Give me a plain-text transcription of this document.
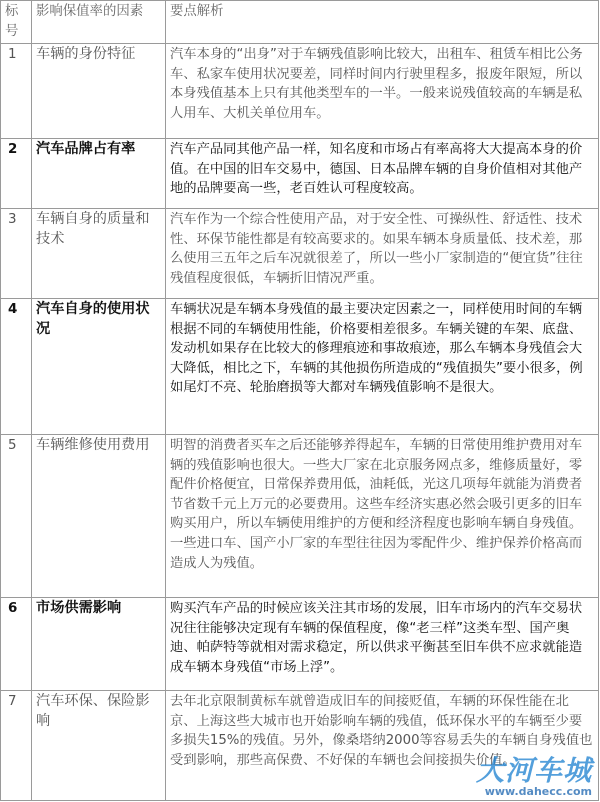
标号	影响保值率的因素	要点解析
1	车辆的身份特征	汽车本身的“出身”对于车辆残值影响比较大，出租车、租赁车相比公务车、私家车使用状况要差，同样时间内行驶里程多，报废年限短，所以本身残值基本上只有其他类型车的一半。一般来说残值较高的车辆是私人用车、大机关单位用车。
2	汽车品牌占有率	汽车产品同其他产品一样，知名度和市场占有率高将大大提高本身的价值。在中国的旧车交易中，德国、日本品牌车辆的自身价值相对其他产地的品牌要高一些，老百姓认可程度较高。
3	车辆自身的质量和技术	汽车作为一个综合性使用产品，对于安全性、可操纵性、舒适性、技术性、环保节能性都是有较高要求的。如果车辆本身质量低、技术差，那么使用三五年之后车况就很差了，所以一些小厂家制造的“便宜货”往往残值程度很低，车辆折旧情况严重。
4	汽车自身的使用状况	车辆状况是车辆本身残值的最主要决定因素之一，同样使用时间的车辆根据不同的车辆使用性能，价格要相差很多。车辆关键的车架、底盘、发动机如果存在比较大的修理痕迹和事故痕迹，那么车辆本身残值会大大降低，相比之下，车辆的其他损伤所造成的“残值损失”要小很多，例如尾灯不亮、轮胎磨损等大都对车辆残值影响不是很大。
5	车辆维修使用费用	明智的消费者买车之后还能够养得起车，车辆的日常使用维护费用对车辆的残值影响也很大。一些大厂家在北京服务网点多，维修质量好，零配件价格便宜，日常保养费用低，油耗低，光这几项每年就能为消费者节省数千元上万元的必要费用。这些车经济实惠必然会吸引更多的旧车购买用户，所以车辆使用维护的方便和经济程度也影响车辆自身残值。一些进口车、国产小厂家的车型往往因为零配件少、维护保养价格高而造成人为残值。
6	市场供需影响	购买汽车产品的时候应该关注其市场的发展，旧车市场内的汽车交易状况往往能够决定现有车辆的保值程度，像“老三样”这类车型、国产奥迪、帕萨特等就相对需求稳定，所以供求平衡甚至旧车供不应求就能造成车辆本身残值“市场上浮”。
7	汽车环保、保险影响	去年北京限制黄标车就曾造成旧车的间接贬值，车辆的环保性能在北京、上海这些大城市也开始影响车辆的残值，低环保水平的车辆至少要多损失15%的残值。另外，像桑塔纳2000等容易丢失的车辆自身残值也受到影响，那些高保费、不好保的车辆也会间接损失价值。
大河车城
www.dahecc.com
